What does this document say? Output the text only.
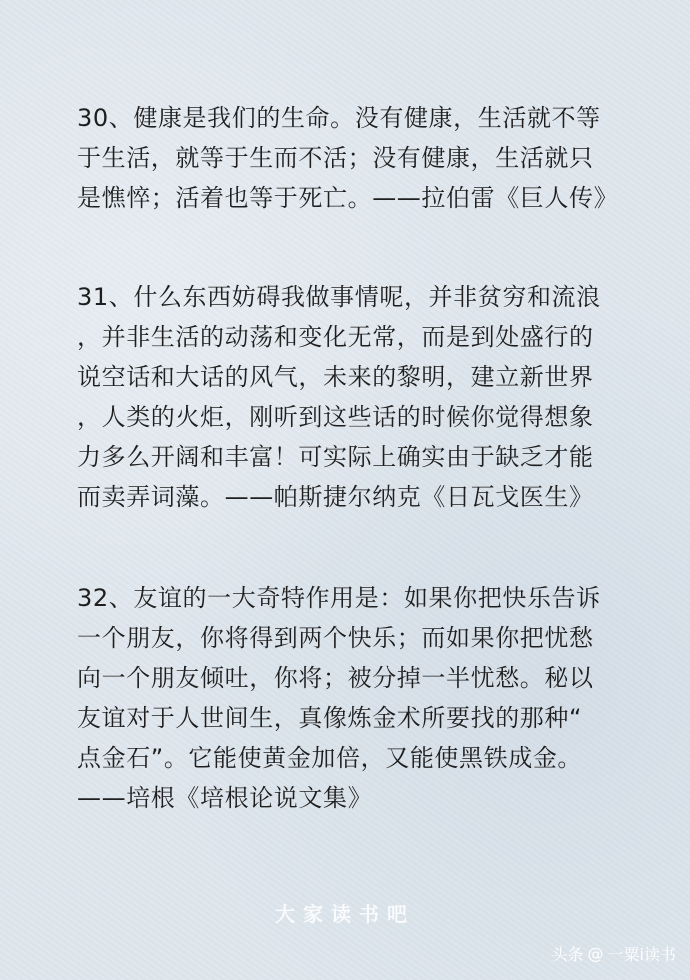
30、健康是我们的生命。没有健康，生活就不等
于生活，就等于生而不活；没有健康，生活就只
是憔悴；活着也等于死亡。——拉伯雷《巨人传》
31、什么东西妨碍我做事情呢，并非贫穷和流浪
，并非生活的动荡和变化无常，而是到处盛行的
说空话和大话的风气，未来的黎明，建立新世界
，人类的火炬，刚听到这些话的时候你觉得想象
力多么开阔和丰富！可实际上确实由于缺乏才能
而卖弄词藻。——帕斯捷尔纳克《日瓦戈医生》
32、友谊的一大奇特作用是：如果你把快乐告诉
一个朋友，你将得到两个快乐；而如果你把忧愁
向一个朋友倾吐，你将；被分掉一半忧愁。秘以
友谊对于人世间生，真像炼金术所要找的那种“
点金石”。它能使黄金加倍，又能使黑铁成金。
——培根《培根论说文集》
大家读书吧
头条 @ 一粟i读书
